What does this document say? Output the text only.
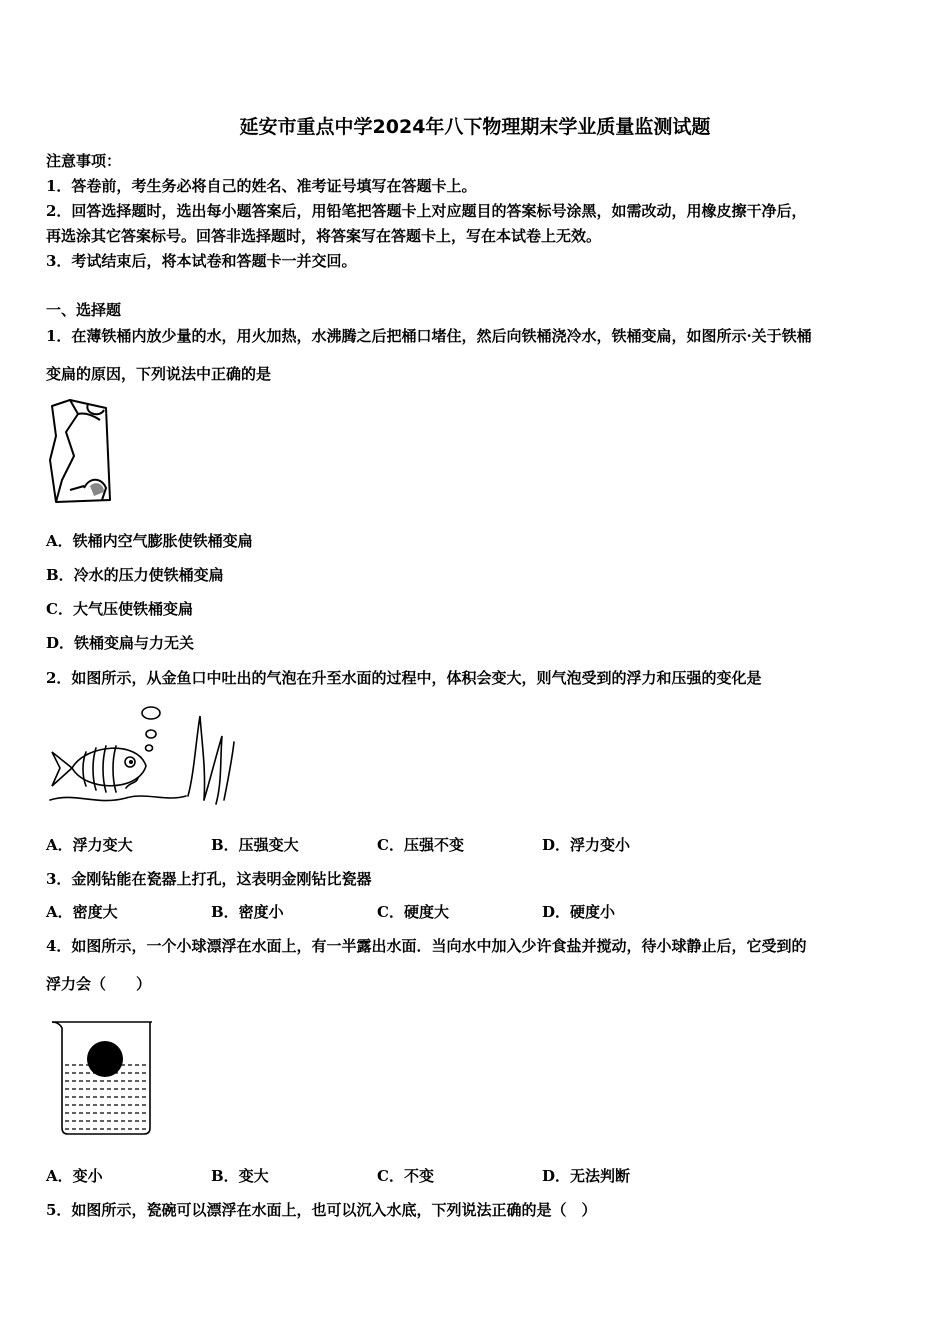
延安市重点中学2024年八下物理期末学业质量监测试题
注意事项：
1．答卷前，考生务必将自己的姓名、准考证号填写在答题卡上。
2．回答选择题时，选出每小题答案后，用铅笔把答题卡上对应题目的答案标号涂黑，如需改动，用橡皮擦干净后，
再选涂其它答案标号。回答非选择题时，将答案写在答题卡上，写在本试卷上无效。
3．考试结束后，将本试卷和答题卡一并交回。
一、选择题
1．在薄铁桶内放少量的水，用火加热，水沸腾之后把桶口堵住，然后向铁桶浇冷水，铁桶变扁，如图所示·关于铁桶
变扁的原因，下列说法中正确的是
A．铁桶内空气膨胀使铁桶变扁
B．冷水的压力使铁桶变扁
C．大气压使铁桶变扁
D．铁桶变扁与力无关
2．如图所示，从金鱼口中吐出的气泡在升至水面的过程中，体积会变大，则气泡受到的浮力和压强的变化是
A．浮力变大	B．压强变大	C．压强不变	D．浮力变小
3．金刚钻能在瓷器上打孔，这表明金刚钻比瓷器
A．密度大	B．密度小	C．硬度大	D．硬度小
4．如图所示，一个小球漂浮在水面上，有一半露出水面．当向水中加入少许食盐并搅动，待小球静止后，它受到的
浮力会（　　）
A．变小	B．变大	C．不变	D．无法判断
5．如图所示，瓷碗可以漂浮在水面上，也可以沉入水底，下列说法正确的是（　）
